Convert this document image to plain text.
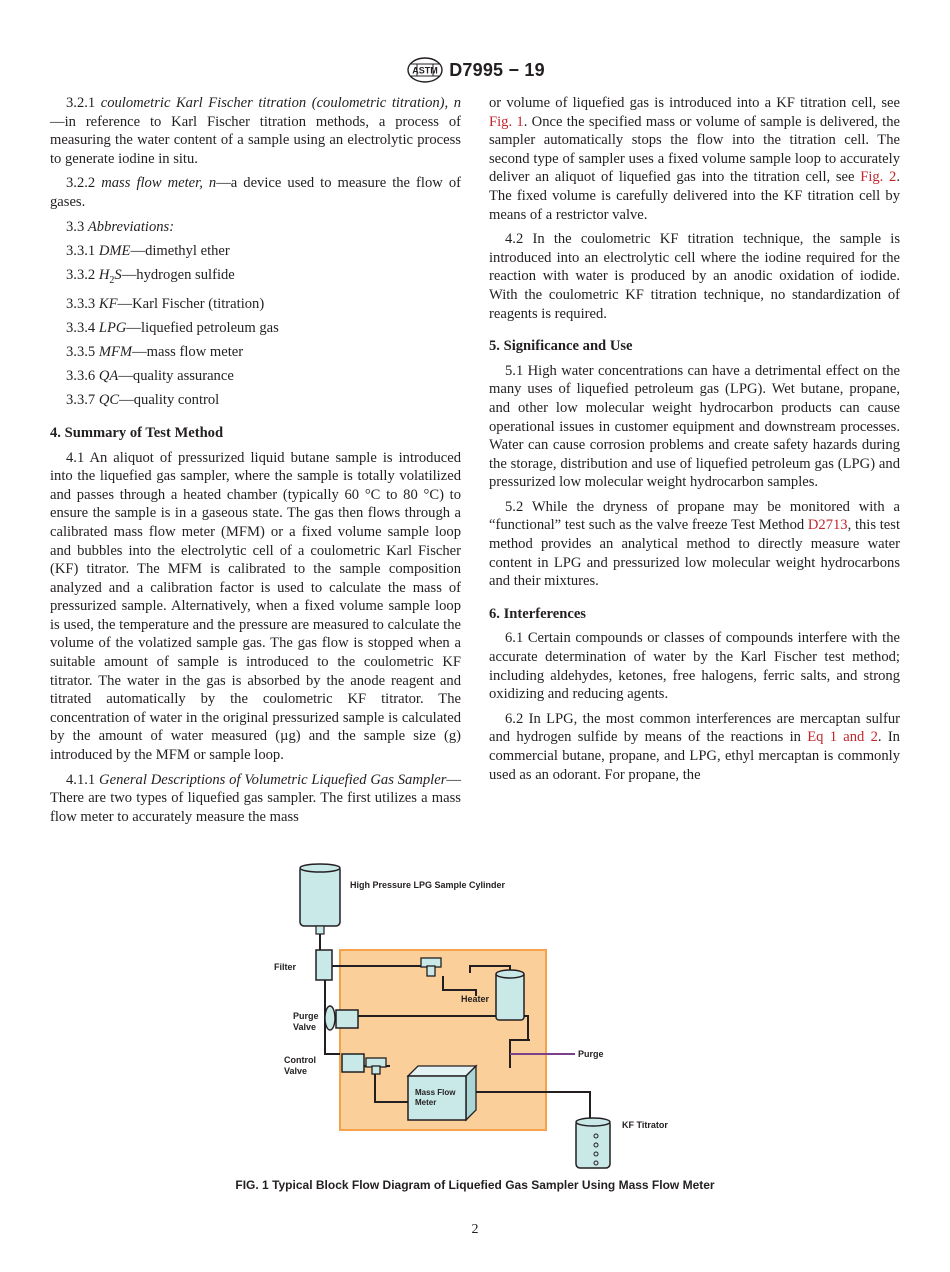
ASTM D7995 − 19

3.2.1 coulometric Karl Fischer titration (coulometric titration), n—in reference to Karl Fischer titration methods, a process of measuring the water content of a sample using an electrolytic process to generate iodine in situ.

3.2.2 mass flow meter, n—a device used to measure the flow of gases.

3.3 Abbreviations:

3.3.1 DME—dimethyl ether

3.3.2 $H_2S—hydrogen$ sulfide

3.3.3 KF—Karl Fischer (titration)

3.3.4 LPG—liquefied petroleum gas

3.3.5 MFM—mass flow meter

3.3.6 QA—quality assurance

3.3.7 QC—quality control

4. Summary of Test Method

4.1 An aliquot of pressurized liquid butane sample is introduced into the liquefied gas sampler, where the sample is totally volatilized and passes through a heated chamber (typically 60 °C to 80 °C) to ensure the sample is in a gaseous state. The gas then flows through a calibrated mass flow meter (MFM) or a fixed volume sample loop and bubbles into the electrolytic cell of a coulometric Karl Fischer (KF) titrator. The MFM is calibrated to the sample composition analyzed and a calibration factor is used to calculate the mass of pressurized sample. Alternatively, when a fixed volume sample loop is used, the temperature and the pressure are measured to calculate the volume of the volatized sample gas. The gas flow is stopped when a suitable amount of sample is introduced to the coulometric KF titrator. The water in the gas is absorbed by the anode reagent and titrated automatically by the coulometric KF titrator. The concentration of water in the original pressurized sample is calculated by the amount of water measured (µg) and the sample size (g) introduced by the MFM or sample loop.

4.1.1 General Descriptions of Volumetric Liquefied Gas Sampler—There are two types of liquefied gas sampler. The first utilizes a mass flow meter to accurately measure the mass

or volume of liquefied gas is introduced into a KF titration cell, see Fig. 1. Once the specified mass or volume of sample is delivered, the sampler automatically stops the flow into the titration cell. The second type of sampler uses a fixed volume sample loop to accurately deliver an aliquot of liquefied gas into the titration cell, see Fig. 2. The fixed volume is carefully delivered into the KF titration cell by means of a restrictor valve.

4.2 In the coulometric KF titration technique, the sample is introduced into an electrolytic cell where the iodine required for the reaction with water is produced by an anodic oxidation of iodide. With the coulometric KF titration technique, no standardization of reagents is required.

5. Significance and Use

5.1 High water concentrations can have a detrimental effect on the many uses of liquefied petroleum gas (LPG). Wet butane, propane, and other low molecular weight hydrocarbon products can cause operational issues in customer equipment and downstream processes. Water can cause corrosion problems and create safety hazards during the storage, distribution and use of liquefied petroleum gas (LPG) and pressurized low molecular weight hydrocarbon samples.

5.2 While the dryness of propane may be monitored with a “functional” test such as the valve freeze Test Method D2713, this test method provides an analytical method to directly measure water content in LPG and pressurized low molecular weight hydrocarbons and their mixtures.

6. Interferences

6.1 Certain compounds or classes of compounds interfere with the accurate determination of water by the Karl Fischer test method; including aldehydes, ketones, free halogens, ferric salts, and strong oxidizing and reducing agents.

6.2 In LPG, the most common interferences are mercaptan sulfur and hydrogen sulfide by means of the reactions in Eq 1 and 2. In commercial butane, propane, and LPG, ethyl mercaptan is commonly used as an odorant. For propane, the

High Pressure LPG Sample Cylinder
Filter
Heater
Purge
Valve
Purge
Control
Valve
Mass Flow
Meter
KF Titrator
FIG. 1 Typical Block Flow Diagram of Liquefied Gas Sampler Using Mass Flow Meter
2
